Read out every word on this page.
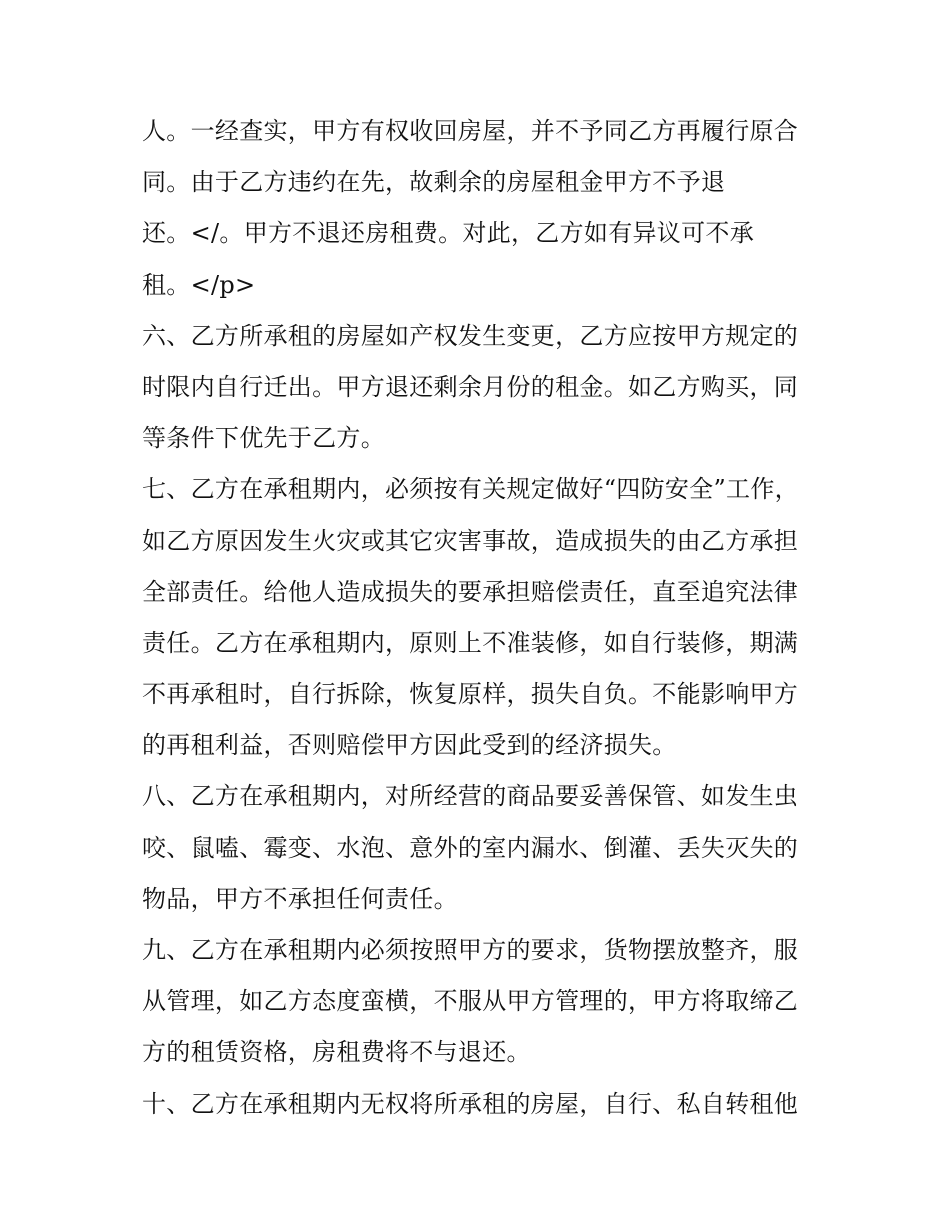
人。一经查实，甲方有权收回房屋，并不予同乙方再履行原合
同。由于乙方违约在先，故剩余的房屋租金甲方不予退
还。</。甲方不退还房租费。对此，乙方如有异议可不承
租。</p>
六、乙方所承租的房屋如产权发生变更，乙方应按甲方规定的
时限内自行迁出。甲方退还剩余月份的租金。如乙方购买，同
等条件下优先于乙方。
七、乙方在承租期内，必须按有关规定做好“四防安全”工作，
如乙方原因发生火灾或其它灾害事故，造成损失的由乙方承担
全部责任。给他人造成损失的要承担赔偿责任，直至追究法律
责任。乙方在承租期内，原则上不准装修，如自行装修，期满
不再承租时，自行拆除，恢复原样，损失自负。不能影响甲方
的再租利益，否则赔偿甲方因此受到的经济损失。
八、乙方在承租期内，对所经营的商品要妥善保管、如发生虫
咬、鼠嗑、霉变、水泡、意外的室内漏水、倒灌、丢失灭失的
物品，甲方不承担任何责任。
九、乙方在承租期内必须按照甲方的要求，货物摆放整齐，服
从管理，如乙方态度蛮横，不服从甲方管理的，甲方将取缔乙
方的租赁资格，房租费将不与退还。
十、乙方在承租期内无权将所承租的房屋，自行、私自转租他
